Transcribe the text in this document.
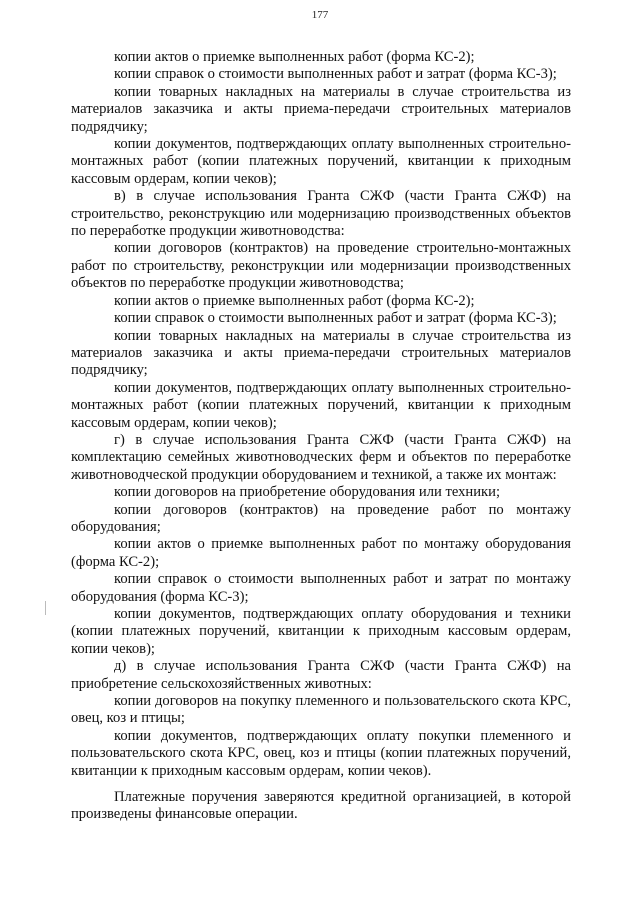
177

копии актов о приемке выполненных работ (форма КС-2);

копии справок о стоимости выполненных работ и затрат (форма КС-3);

копии товарных накладных на материалы в случае строительства из материалов заказчика и акты приема-передачи строительных материалов подрядчику;

копии документов, подтверждающих оплату выполненных строительно-монтажных работ (копии платежных поручений, квитанции к приходным кассовым ордерам, копии чеков);

в) в случае использования Гранта СЖФ (части Гранта СЖФ) на строительство, реконструкцию или модернизацию производственных объектов по переработке продукции животноводства:

копии договоров (контрактов) на проведение строительно-монтажных работ по строительству, реконструкции или модернизации производственных объектов по переработке продукции животноводства;

копии актов о приемке выполненных работ (форма КС-2);

копии справок о стоимости выполненных работ и затрат (форма КС-3);

копии товарных накладных на материалы в случае строительства из материалов заказчика и акты приема-передачи строительных материалов подрядчику;

копии документов, подтверждающих оплату выполненных строительно-монтажных работ (копии платежных поручений, квитанции к приходным кассовым ордерам, копии чеков);

г) в случае использования Гранта СЖФ (части Гранта СЖФ) на комплектацию семейных животноводческих ферм и объектов по переработке животноводческой продукции оборудованием и техникой, а также их монтаж:

копии договоров на приобретение оборудования или техники;

копии договоров (контрактов) на проведение работ по монтажу оборудования;

копии актов о приемке выполненных работ по монтажу оборудования (форма КС-2);

копии справок о стоимости выполненных работ и затрат по монтажу оборудования (форма КС-3);

копии документов, подтверждающих оплату оборудования и техники (копии платежных поручений, квитанции к приходным кассовым ордерам, копии чеков);

д) в случае использования Гранта СЖФ (части Гранта СЖФ) на приобретение сельскохозяйственных животных:

копии договоров на покупку племенного и пользовательского скота КРС, овец, коз и птицы;

копии документов, подтверждающих оплату покупки племенного и пользовательского скота КРС, овец, коз и птицы (копии платежных поручений, квитанции к приходным кассовым ордерам, копии чеков).

Платежные поручения заверяются кредитной организацией, в которой произведены финансовые операции.
